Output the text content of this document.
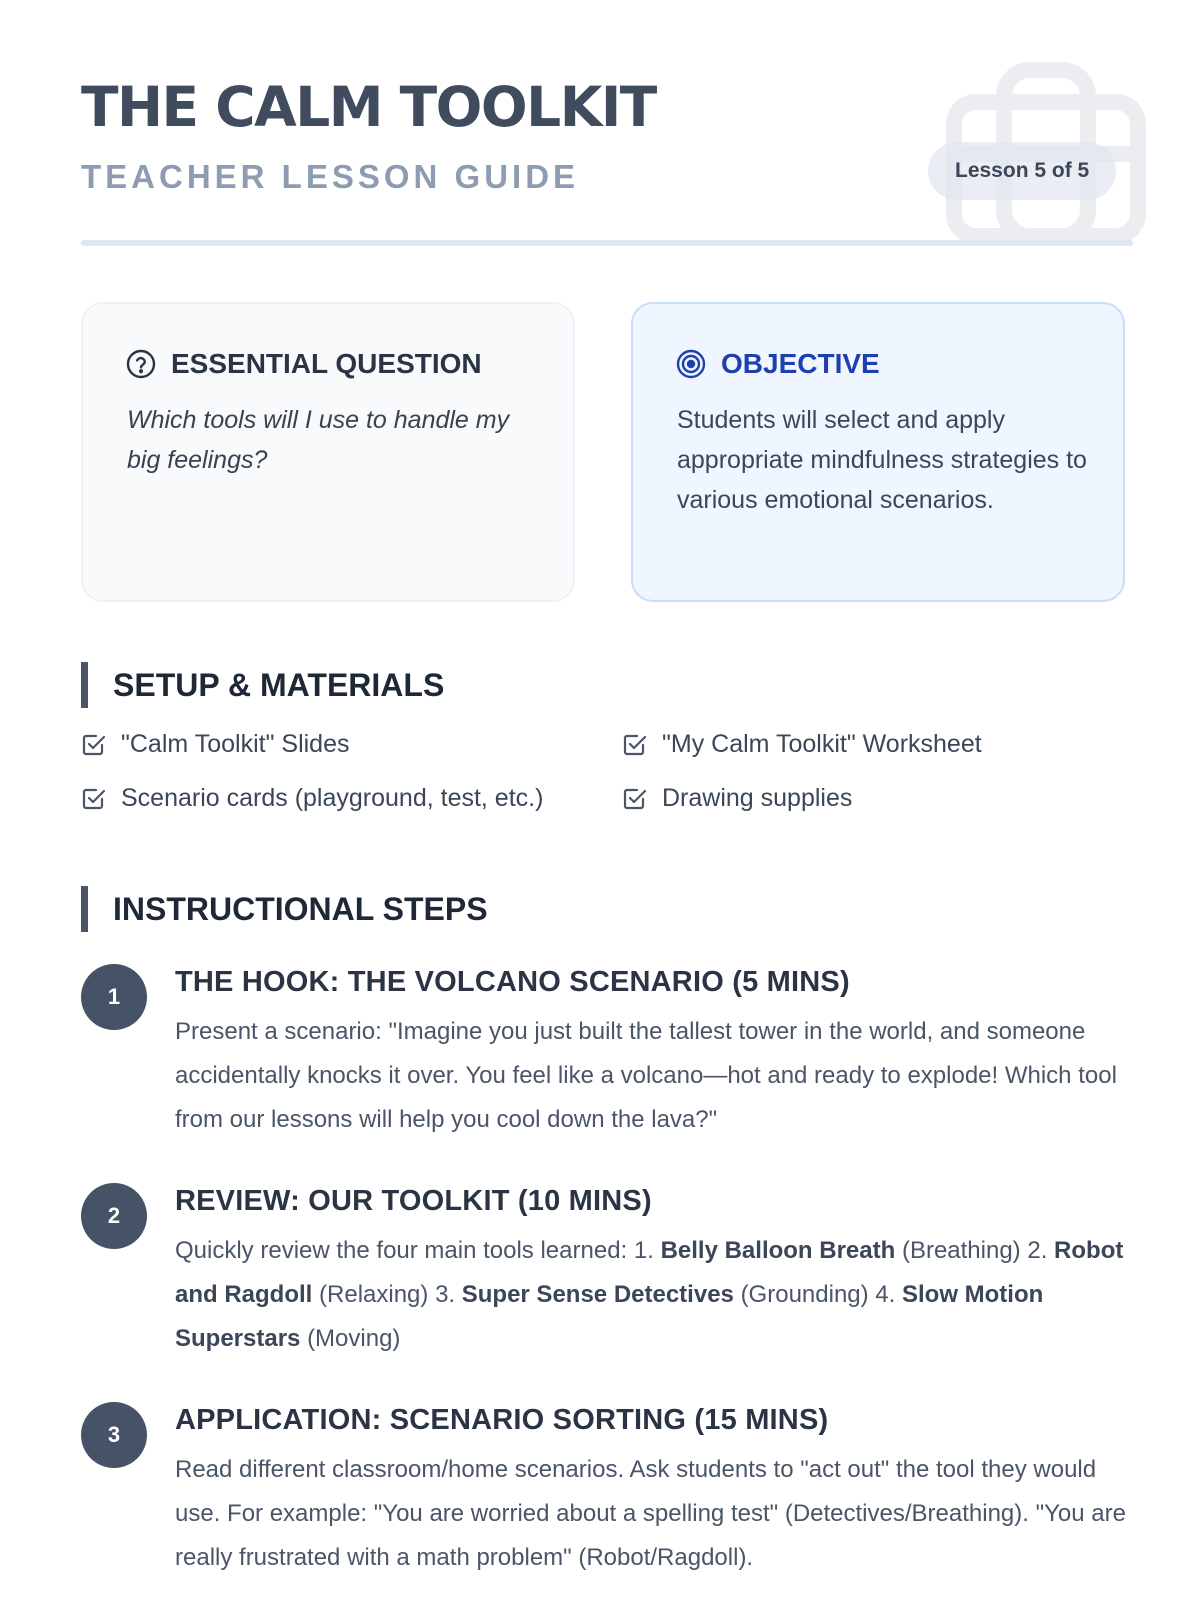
THE CALM TOOLKIT
TEACHER LESSON GUIDE	Lesson 5 of 5
ESSENTIAL QUESTION
Which tools will I use to handle my big feelings?
OBJECTIVE
Students will select and apply appropriate mindfulness strategies to various emotional scenarios.
SETUP & MATERIALS
"Calm Toolkit" Slides	"My Calm Toolkit" Worksheet
Scenario cards (playground, test, etc.)	Drawing supplies
INSTRUCTIONAL STEPS
1	THE HOOK: THE VOLCANO SCENARIO (5 MINS)
Present a scenario: "Imagine you just built the tallest tower in the world, and someone accidentally knocks it over. You feel like a volcano—hot and ready to explode! Which tool from our lessons will help you cool down the lava?"
2	REVIEW: OUR TOOLKIT (10 MINS)
Quickly review the four main tools learned: 1. Belly Balloon Breath (Breathing) 2. Robot and Ragdoll (Relaxing) 3. Super Sense Detectives (Grounding) 4. Slow Motion Superstars (Moving)
3	APPLICATION: SCENARIO SORTING (15 MINS)
Read different classroom/home scenarios. Ask students to "act out" the tool they would use. For example: "You are worried about a spelling test" (Detectives/Breathing). "You are really frustrated with a math problem" (Robot/Ragdoll).
